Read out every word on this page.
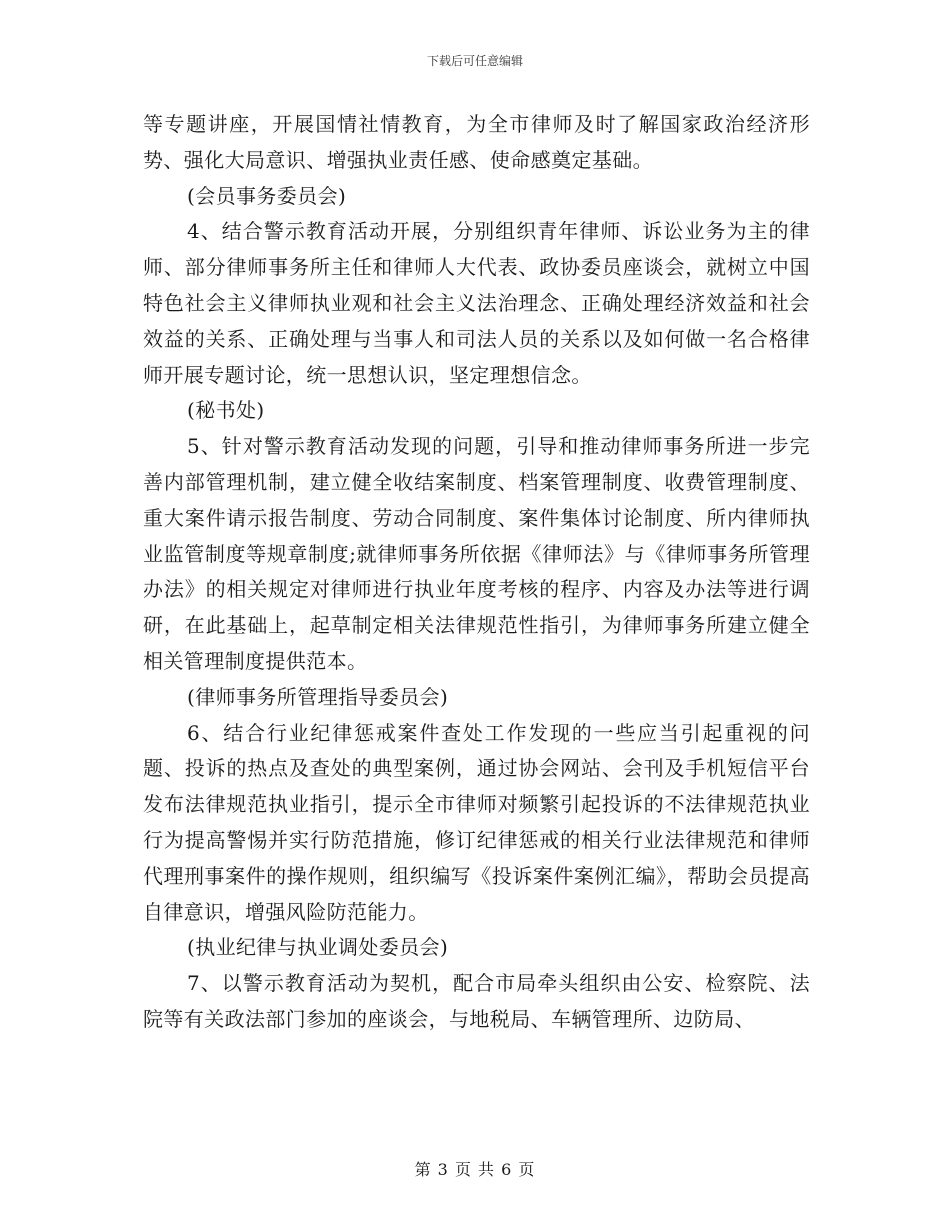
下载后可任意编辑

等专题讲座，开展国情社情教育，为全市律师及时了解国家政治经济形势、强化大局意识、增强执业责任感、使命感奠定基础。

(会员事务委员会)

4、结合警示教育活动开展，分别组织青年律师、诉讼业务为主的律师、部分律师事务所主任和律师人大代表、政协委员座谈会，就树立中国特色社会主义律师执业观和社会主义法治理念、正确处理经济效益和社会效益的关系、正确处理与当事人和司法人员的关系以及如何做一名合格律师开展专题讨论，统一思想认识，坚定理想信念。

(秘书处)

5、针对警示教育活动发现的问题，引导和推动律师事务所进一步完善内部管理机制，建立健全收结案制度、档案管理制度、收费管理制度、重大案件请示报告制度、劳动合同制度、案件集体讨论制度、所内律师执业监管制度等规章制度;就律师事务所依据《律师法》与《律师事务所管理办法》的相关规定对律师进行执业年度考核的程序、内容及办法等进行调研，在此基础上，起草制定相关法律规范性指引，为律师事务所建立健全相关管理制度提供范本。

(律师事务所管理指导委员会)

6、结合行业纪律惩戒案件查处工作发现的一些应当引起重视的问题、投诉的热点及查处的典型案例，通过协会网站、会刊及手机短信平台发布法律规范执业指引，提示全市律师对频繁引起投诉的不法律规范执业行为提高警惕并实行防范措施，修订纪律惩戒的相关行业法律规范和律师代理刑事案件的操作规则，组织编写《投诉案件案例汇编》，帮助会员提高自律意识，增强风险防范能力。

(执业纪律与执业调处委员会)

7、以警示教育活动为契机，配合市局牵头组织由公安、检察院、法院等有关政法部门参加的座谈会，与地税局、车辆管理所、边防局、

第 3 页 共 6 页
